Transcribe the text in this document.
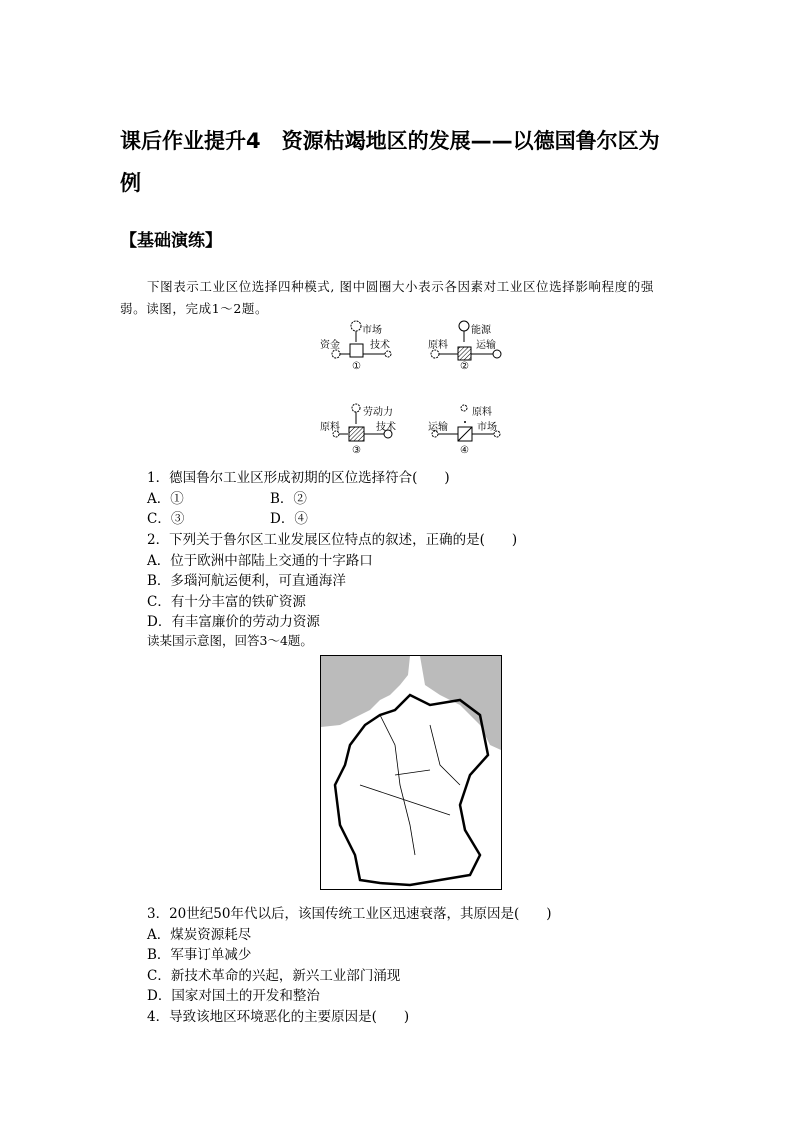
课后作业提升4　资源枯竭地区的发展——以德国鲁尔区为例
【基础演练】
下图表示工业区位选择四种模式, 图中圆圈大小表示各因素对工业区位选择影响程度的强弱。读图，完成1～2题。
市场
资金	技术
①
能源
原料	运输
②
劳动力
原料	技术
③
原料
运输	市场
④
1．德国鲁尔工业区形成初期的区位选择符合(　　)
A．①	B．②
C．③	D．④
2．下列关于鲁尔区工业发展区位特点的叙述，正确的是(　　)
A．位于欧洲中部陆上交通的十字路口
B．多瑙河航运便利，可直通海洋
C．有十分丰富的铁矿资源
D．有丰富廉价的劳动力资源
读某国示意图，回答3～4题。
3．20世纪50年代以后，该国传统工业区迅速衰落，其原因是(　　)
A．煤炭资源耗尽
B．军事订单减少
C．新技术革命的兴起，新兴工业部门涌现
D．国家对国土的开发和整治
4．导致该地区环境恶化的主要原因是(　　)
